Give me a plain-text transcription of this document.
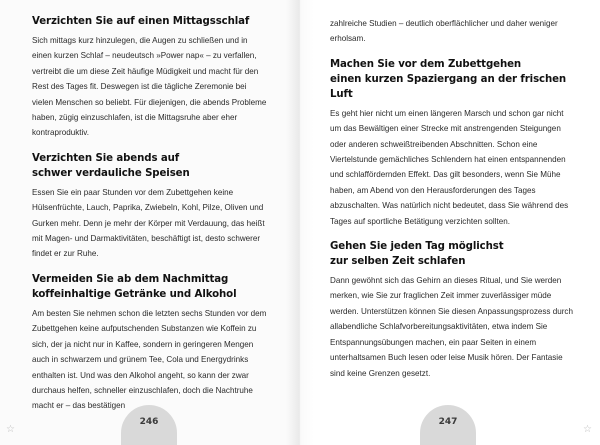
Verzichten Sie auf einen Mittagsschlaf

Sich mittags kurz hinzulegen, die Augen zu schließen und in einen kurzen Schlaf – neudeutsch »Power nap« – zu verfallen, vertreibt die um diese Zeit häufige Müdigkeit und macht für den Rest des Tages fit. Deswegen ist die tägliche Zeremonie bei vielen Menschen so beliebt. Für diejenigen, die abends Probleme haben, zügig einzuschlafen, ist die Mittagsruhe aber eher kontraproduktiv.

Verzichten Sie abends auf
schwer verdauliche Speisen

Essen Sie ein paar Stunden vor dem Zubettgehen keine Hülsenfrüchte, Lauch, Paprika, Zwiebeln, Kohl, Pilze, Oliven und Gurken mehr. Denn je mehr der Körper mit Verdauung, das heißt mit Magen- und Darmaktivitäten, beschäftigt ist, desto schwerer findet er zur Ruhe.

Vermeiden Sie ab dem Nachmittag
koffeinhaltige Getränke und Alkohol

Am besten Sie nehmen schon die letzten sechs Stunden vor dem Zubettgehen keine aufputschenden Substanzen wie Koffein zu sich, der ja nicht nur in Kaffee, sondern in geringeren Mengen auch in schwarzem und grünem Tee, Cola und Energydrinks enthalten ist. Und was den Alkohol angeht, so kann der zwar durchaus helfen, schneller einzuschlafen, doch die Nachtruhe macht er – das bestätigen

246
☆

zahlreiche Studien – deutlich oberflächlicher und daher weniger erholsam.

Machen Sie vor dem Zubettgehen
einen kurzen Spaziergang an der frischen Luft

Es geht hier nicht um einen längeren Marsch und schon gar nicht um das Bewältigen einer Strecke mit anstrengenden Steigungen oder anderen schweißtreibenden Abschnitten. Schon eine Viertelstunde gemächliches Schlendern hat einen entspannenden und schlaffördernden Effekt. Das gilt besonders, wenn Sie Mühe haben, am Abend von den Herausforderungen des Tages abzuschalten. Was natürlich nicht bedeutet, dass Sie während des Tages auf sportliche Betätigung verzichten sollten.

Gehen Sie jeden Tag möglichst
zur selben Zeit schlafen

Dann gewöhnt sich das Gehirn an dieses Ritual, und Sie werden merken, wie Sie zur fraglichen Zeit immer zuverlässiger müde werden. Unterstützen können Sie diesen Anpassungsprozess durch allabendliche Schlafvorbereitungsaktivitäten, etwa indem Sie Entspannungsübungen machen, ein paar Seiten in einem unterhaltsamen Buch lesen oder leise Musik hören. Der Fantasie sind keine Grenzen gesetzt.

247
☆
